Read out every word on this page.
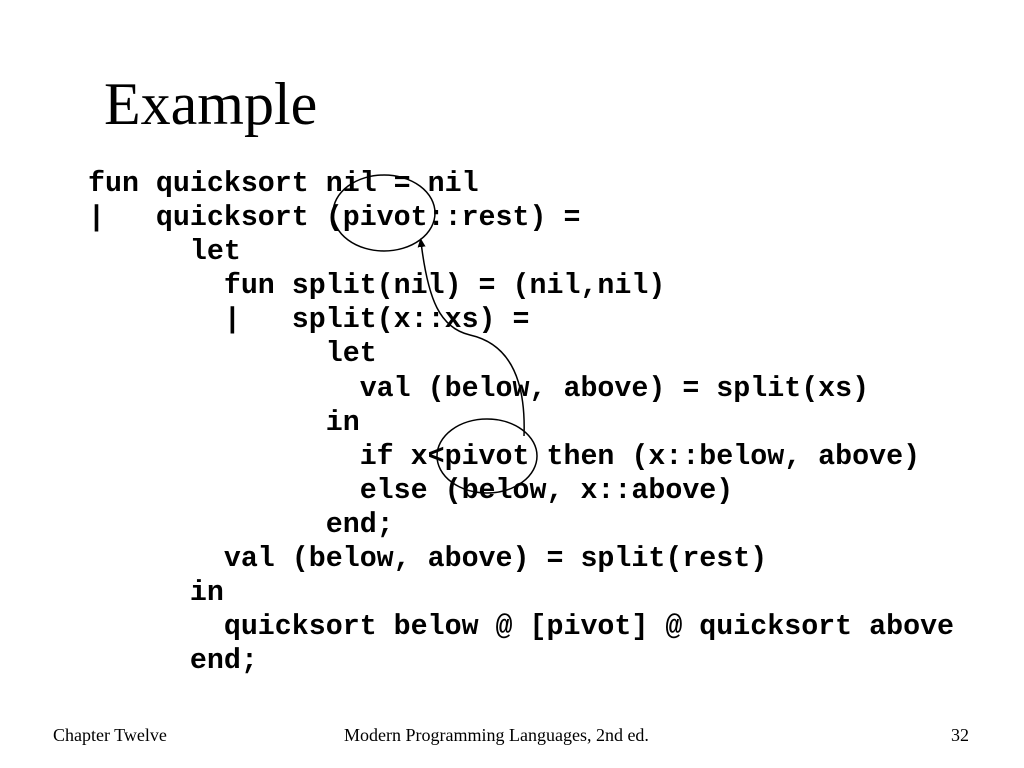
Example
fun quicksort nil = nil
|   quicksort (pivot::rest) =
let
fun split(nil) = (nil,nil)
|   split(x::xs) =
let
val (below, above) = split(xs)
in
if x<pivot then (x::below, above)
else (below, x::above)
end;
val (below, above) = split(rest)
in
quicksort below @ [pivot] @ quicksort above
end;
Chapter Twelve	Modern Programming Languages, 2nd ed.	32
